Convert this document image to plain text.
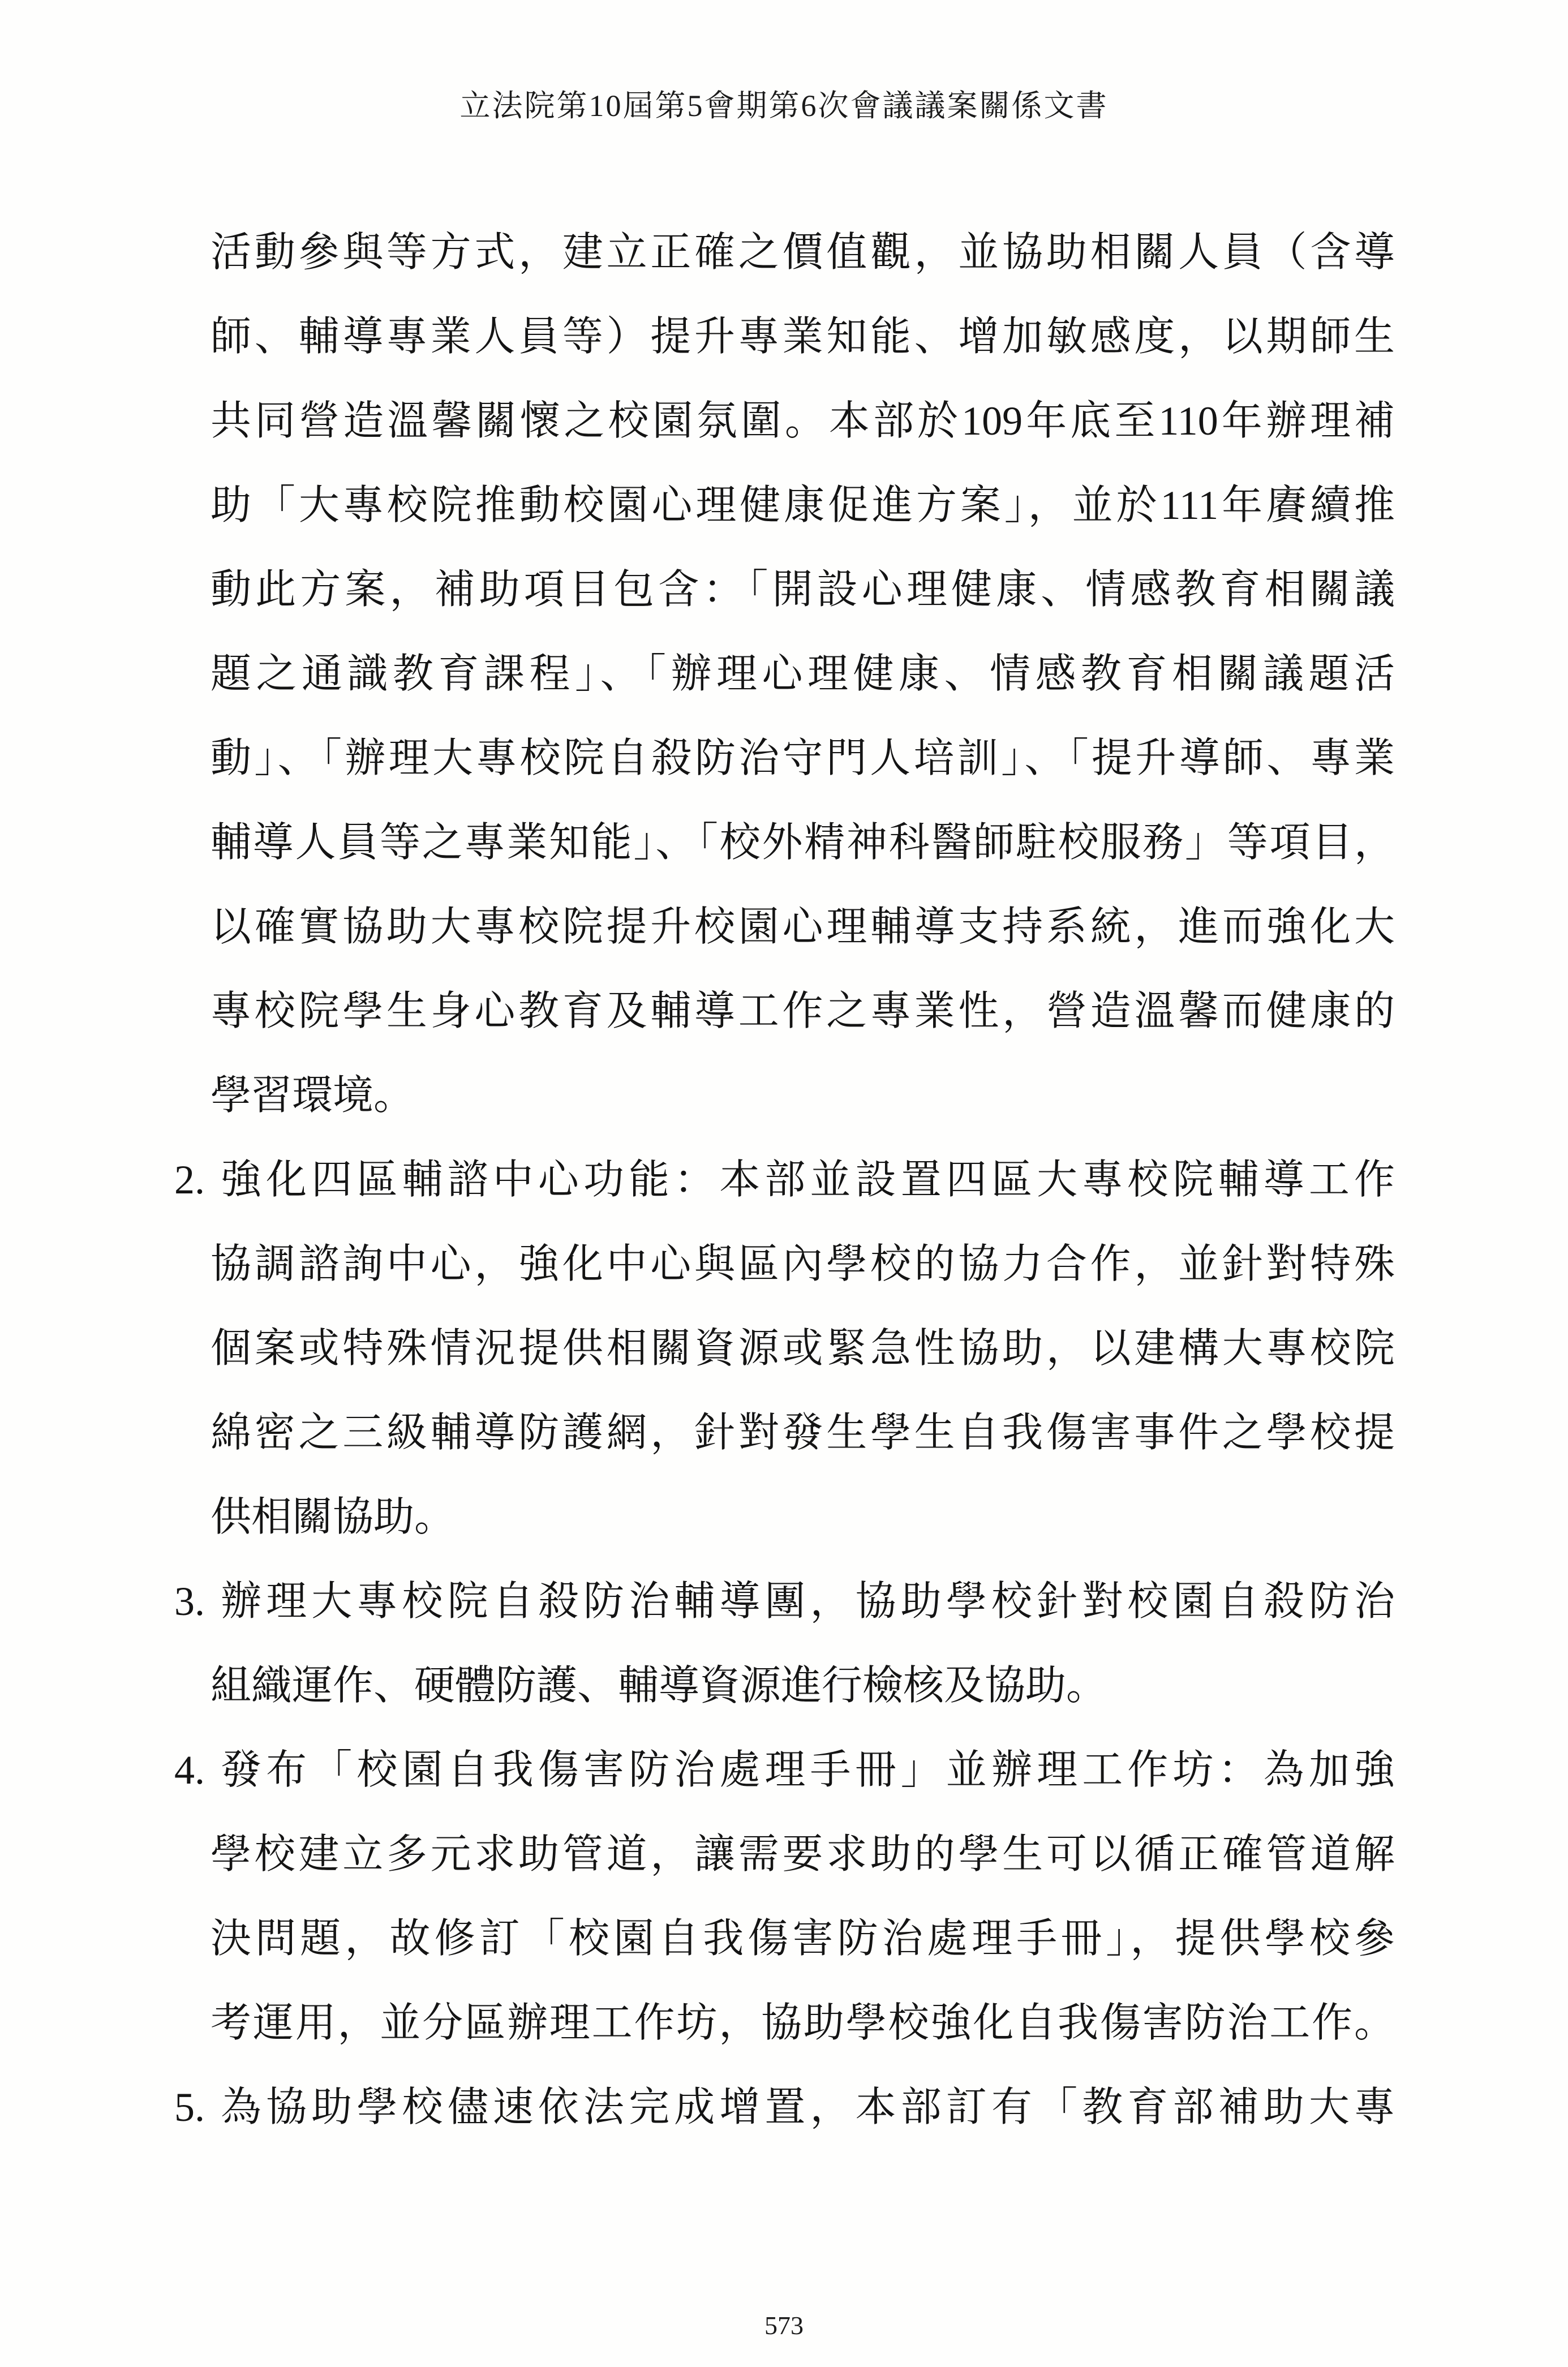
立法院第10屆第5會期第6次會議議案關係文書
活動參與等方式，建立正確之價值觀，並協助相關人員（含導
師、輔導專業人員等）提升專業知能、增加敏感度，以期師生
共同營造溫馨關懷之校園氛圍。本部於109年底至110年辦理補
助「大專校院推動校園心理健康促進方案」，並於111年賡續推
動此方案，補助項目包含：「開設心理健康、情感教育相關議
題之通識教育課程」、「辦理心理健康、情感教育相關議題活
動」、「辦理大專校院自殺防治守門人培訓」、「提升導師、專業
輔導人員等之專業知能」、「校外精神科醫師駐校服務」等項目，
以確實協助大專校院提升校園心理輔導支持系統，進而強化大
專校院學生身心教育及輔導工作之專業性，營造溫馨而健康的
學習環境。
2. 強化四區輔諮中心功能：本部並設置四區大專校院輔導工作
協調諮詢中心，強化中心與區內學校的協力合作，並針對特殊
個案或特殊情況提供相關資源或緊急性協助，以建構大專校院
綿密之三級輔導防護網，針對發生學生自我傷害事件之學校提
供相關協助。
3. 辦理大專校院自殺防治輔導團，協助學校針對校園自殺防治
組織運作、硬體防護、輔導資源進行檢核及協助。
4. 發布「校園自我傷害防治處理手冊」並辦理工作坊：為加強
學校建立多元求助管道，讓需要求助的學生可以循正確管道解
決問題，故修訂「校園自我傷害防治處理手冊」，提供學校參
考運用，並分區辦理工作坊，協助學校強化自我傷害防治工作。
5. 為協助學校儘速依法完成增置，本部訂有「教育部補助大專
573
